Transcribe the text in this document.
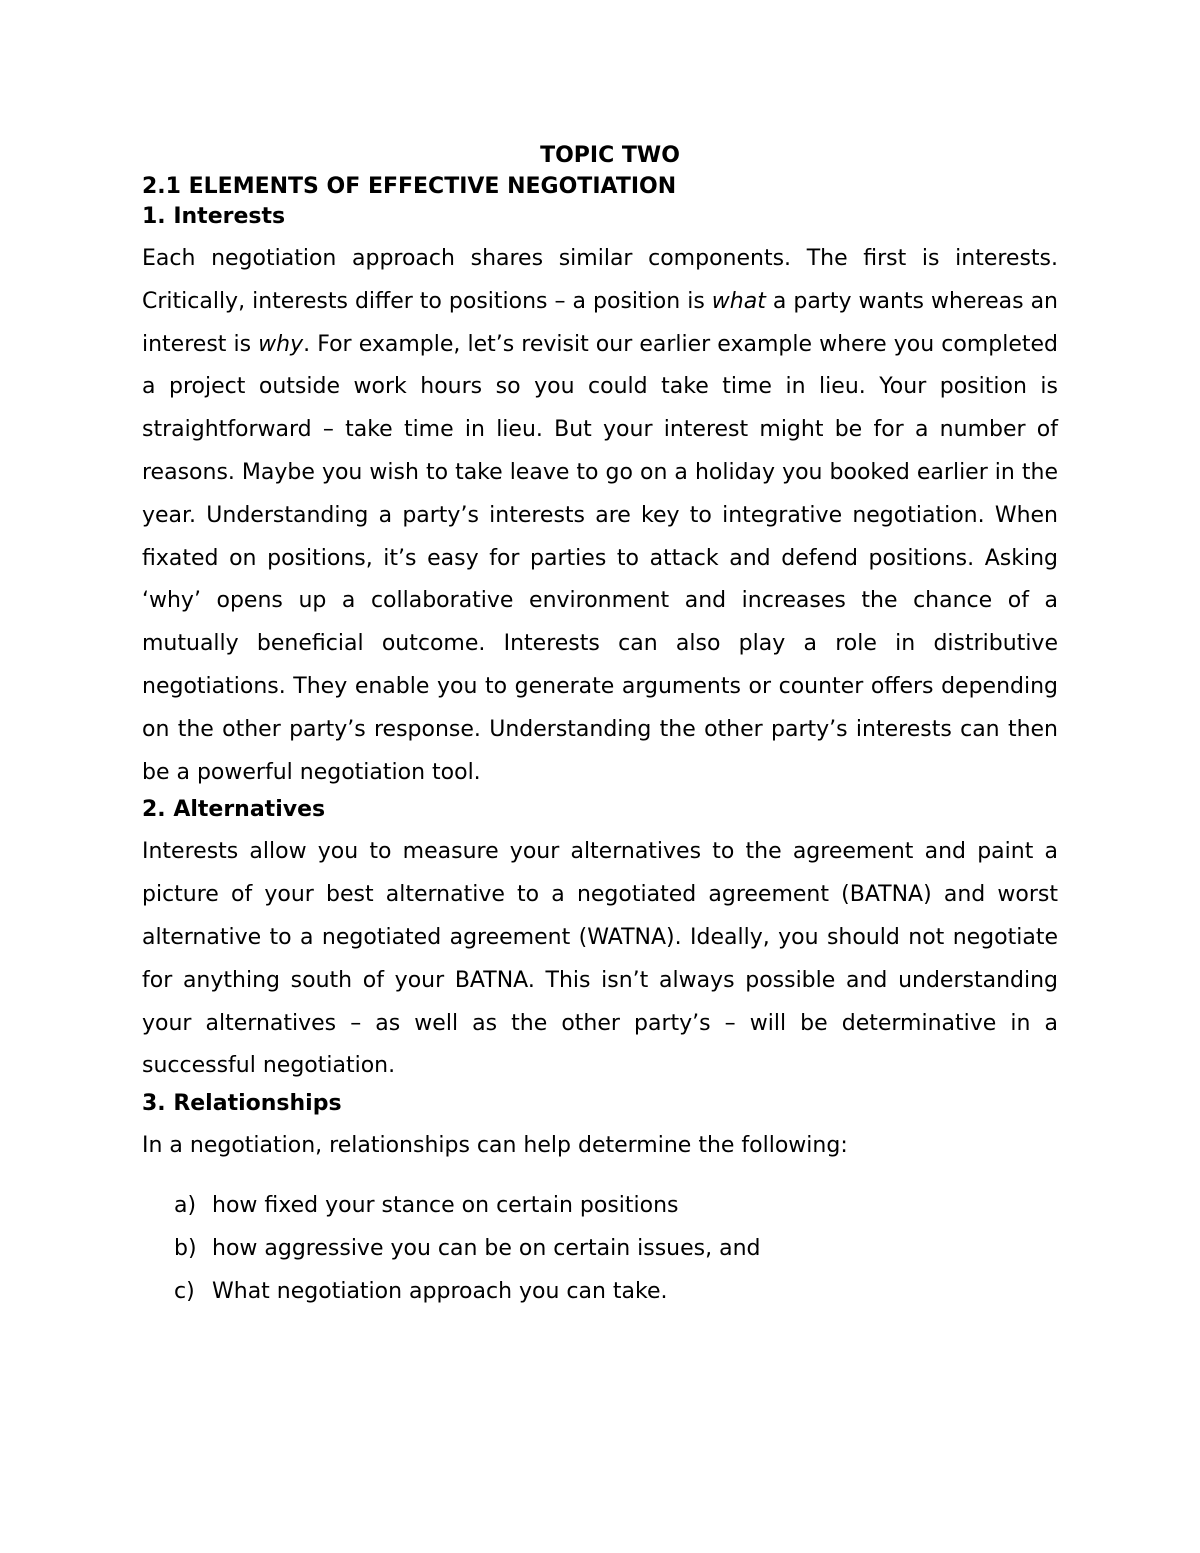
TOPIC TWO
2.1 ELEMENTS OF EFFECTIVE NEGOTIATION
1. Interests

Each negotiation approach shares similar components. The first is interests. Critically, interests differ to positions – a position is what a party wants whereas an interest is why. For example, let’s revisit our earlier example where you completed a project outside work hours so you could take time in lieu. Your position is straightforward – take time in lieu. But your interest might be for a number of reasons. Maybe you wish to take leave to go on a holiday you booked earlier in the year. Understanding a party’s interests are key to integrative negotiation. When fixated on positions, it’s easy for parties to attack and defend positions. Asking ‘why’ opens up a collaborative environment and increases the chance of a mutually beneficial outcome. Interests can also play a role in distributive negotiations. They enable you to generate arguments or counter offers depending on the other party’s response. Understanding the other party’s interests can then be a powerful negotiation tool.

2. Alternatives

Interests allow you to measure your alternatives to the agreement and paint a picture of your best alternative to a negotiated agreement (BATNA) and worst alternative to a negotiated agreement (WATNA). Ideally, you should not negotiate for anything south of your BATNA. This isn’t always possible and understanding your alternatives – as well as the other party’s – will be determinative in a successful negotiation.

3. Relationships

In a negotiation, relationships can help determine the following:

a) how fixed your stance on certain positions
b) how aggressive you can be on certain issues, and
c) What negotiation approach you can take.
